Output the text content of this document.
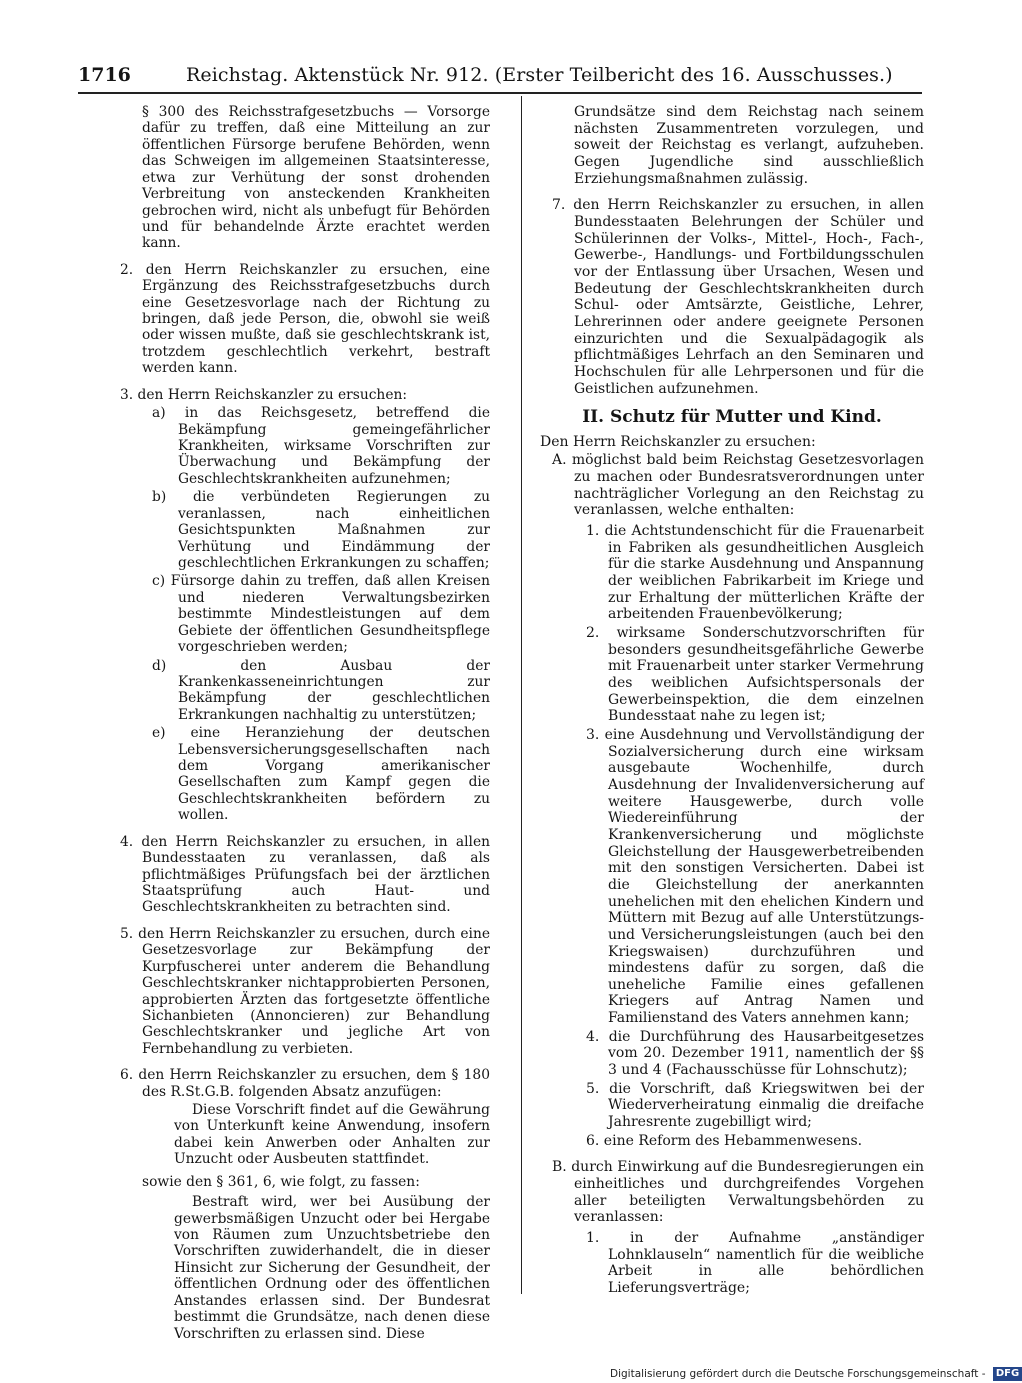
1716	Reichstag. Aktenstück Nr. 912. (Erster Teilbericht des 16. Ausschusses.)

§ 300 des Reichsstrafgesetzbuchs — Vorsorge dafür zu treffen, daß eine Mitteilung an zur öffentlichen Fürsorge berufene Behörden, wenn das Schweigen im allgemeinen Staatsinteresse, etwa zur Verhütung der sonst drohenden Verbreitung von ansteckenden Krankheiten gebrochen wird, nicht als unbefugt für Behörden und für behandelnde Ärzte erachtet werden kann.

2. den Herrn Reichskanzler zu ersuchen, eine Ergänzung des Reichsstrafgesetzbuchs durch eine Gesetzesvorlage nach der Richtung zu bringen, daß jede Person, die, obwohl sie weiß oder wissen mußte, daß sie geschlechtskrank ist, trotzdem geschlechtlich verkehrt, bestraft werden kann.

3. den Herrn Reichskanzler zu ersuchen:

a) in das Reichsgesetz, betreffend die Bekämpfung gemeingefährlicher Krankheiten, wirksame Vorschriften zur Überwachung und Bekämpfung der Geschlechtskrankheiten aufzunehmen;

b) die verbündeten Regierungen zu veranlassen, nach einheitlichen Gesichtspunkten Maßnahmen zur Verhütung und Eindämmung der geschlechtlichen Erkrankungen zu schaffen;

c) Fürsorge dahin zu treffen, daß allen Kreisen und niederen Verwaltungsbezirken bestimmte Mindestleistungen auf dem Gebiete der öffentlichen Gesundheitspflege vorgeschrieben werden;

d) den Ausbau der Krankenkasseneinrichtungen zur Bekämpfung der geschlechtlichen Erkrankungen nachhaltig zu unterstützen;

e) eine Heranziehung der deutschen Lebensversicherungsgesellschaften nach dem Vorgang amerikanischer Gesellschaften zum Kampf gegen die Geschlechtskrankheiten befördern zu wollen.

4. den Herrn Reichskanzler zu ersuchen, in allen Bundesstaaten zu veranlassen, daß als pflichtmäßiges Prüfungsfach bei der ärztlichen Staatsprüfung auch Haut- und Geschlechtskrankheiten zu betrachten sind.

5. den Herrn Reichskanzler zu ersuchen, durch eine Gesetzesvorlage zur Bekämpfung der Kurpfuscherei unter anderem die Behandlung Geschlechtskranker nichtapprobierten Personen, approbierten Ärzten das fortgesetzte öffentliche Sichanbieten (Annoncieren) zur Behandlung Geschlechtskranker und jegliche Art von Fernbehandlung zu verbieten.

6. den Herrn Reichskanzler zu ersuchen, dem § 180 des R.St.G.B. folgenden Absatz anzufügen:

Diese Vorschrift findet auf die Gewährung von Unterkunft keine Anwendung, insofern dabei kein Anwerben oder Anhalten zur Unzucht oder Ausbeuten stattfindet.

sowie den § 361, 6, wie folgt, zu fassen:

Bestraft wird, wer bei Ausübung der gewerbsmäßigen Unzucht oder bei Hergabe von Räumen zum Unzuchtsbetriebe den Vorschriften zuwiderhandelt, die in dieser Hinsicht zur Sicherung der Gesundheit, der öffentlichen Ordnung oder des öffentlichen Anstandes erlassen sind. Der Bundesrat bestimmt die Grundsätze, nach denen diese Vorschriften zu erlassen sind. Diese

Grundsätze sind dem Reichstag nach seinem nächsten Zusammentreten vorzulegen, und soweit der Reichstag es verlangt, aufzuheben. Gegen Jugendliche sind ausschließlich Erziehungsmaßnahmen zulässig.

7. den Herrn Reichskanzler zu ersuchen, in allen Bundesstaaten Belehrungen der Schüler und Schülerinnen der Volks-, Mittel-, Hoch-, Fach-, Gewerbe-, Handlungs- und Fortbildungsschulen vor der Entlassung über Ursachen, Wesen und Bedeutung der Geschlechtskrankheiten durch Schul- oder Amtsärzte, Geistliche, Lehrer, Lehrerinnen oder andere geeignete Personen einzurichten und die Sexualpädagogik als pflichtmäßiges Lehrfach an den Seminaren und Hochschulen für alle Lehrpersonen und für die Geistlichen aufzunehmen.

II. Schutz für Mutter und Kind.

Den Herrn Reichskanzler zu ersuchen:

A. möglichst bald beim Reichstag Gesetzesvorlagen zu machen oder Bundesratsverordnungen unter nachträglicher Vorlegung an den Reichstag zu veranlassen, welche enthalten:

1. die Achtstundenschicht für die Frauenarbeit in Fabriken als gesundheitlichen Ausgleich für die starke Ausdehnung und Anspannung der weiblichen Fabrikarbeit im Kriege und zur Erhaltung der mütterlichen Kräfte der arbeitenden Frauenbevölkerung;

2. wirksame Sonderschutzvorschriften für besonders gesundheitsgefährliche Gewerbe mit Frauenarbeit unter starker Vermehrung des weiblichen Aufsichtspersonals der Gewerbeinspektion, die dem einzelnen Bundesstaat nahe zu legen ist;

3. eine Ausdehnung und Vervollständigung der Sozialversicherung durch eine wirksam ausgebaute Wochenhilfe, durch Ausdehnung der Invalidenversicherung auf weitere Hausgewerbe, durch volle Wiedereinführung der Krankenversicherung und möglichste Gleichstellung der Hausgewerbetreibenden mit den sonstigen Versicherten. Dabei ist die Gleichstellung der anerkannten unehelichen mit den ehelichen Kindern und Müttern mit Bezug auf alle Unterstützungs- und Versicherungsleistungen (auch bei den Kriegswaisen) durchzuführen und mindestens dafür zu sorgen, daß die uneheliche Familie eines gefallenen Kriegers auf Antrag Namen und Familienstand des Vaters annehmen kann;

4. die Durchführung des Hausarbeitgesetzes vom 20. Dezember 1911, namentlich der §§ 3 und 4 (Fachausschüsse für Lohnschutz);

5. die Vorschrift, daß Kriegswitwen bei der Wiederverheiratung einmalig die dreifache Jahresrente zugebilligt wird;

6. eine Reform des Hebammenwesens.

B. durch Einwirkung auf die Bundesregierungen ein einheitliches und durchgreifendes Vorgehen aller beteiligten Verwaltungsbehörden zu veranlassen:

1. in der Aufnahme „anständiger Lohnklauseln“ namentlich für die weibliche Arbeit in alle behördlichen Lieferungsverträge;

Digitalisierung gefördert durch die Deutsche Forschungsgemeinschaft - DFG
